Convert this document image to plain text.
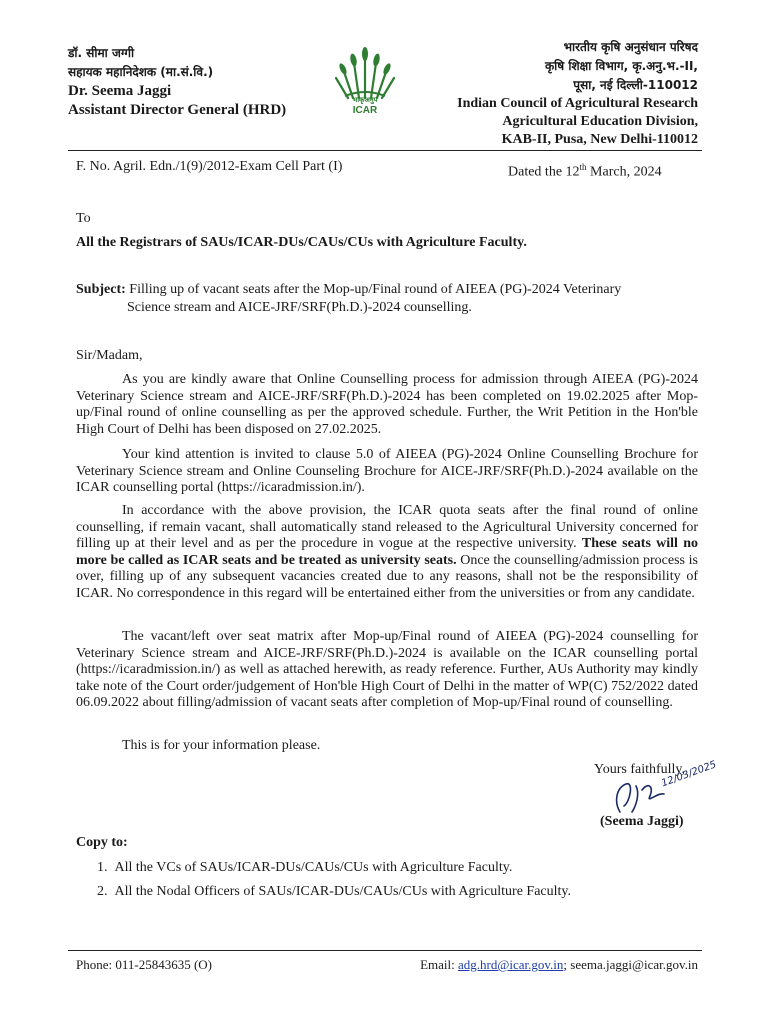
डॉ. सीमा जग्गी
सहायक महानिदेशक (मा.सं.वि.)
Dr. Seema Jaggi
Assistant Director General (HRD)
भाकृअनुप
ICAR
भारतीय कृषि अनुसंधान परिषद
कृषि शिक्षा विभाग, कृ.अनु.भ.-II,
पूसा, नई दिल्ली-110012
Indian Council of Agricultural Research
Agricultural Education Division,
KAB-II, Pusa, New Delhi-110012
F. No. Agril. Edn./1(9)/2012-Exam Cell Part (I)	Dated the 12th March, 2024
To
All the Registrars of SAUs/ICAR-DUs/CAUs/CUs with Agriculture Faculty.
Subject: Filling up of vacant seats after the Mop-up/Final round of AIEEA (PG)-2024 Veterinary
Science stream and AICE-JRF/SRF(Ph.D.)-2024 counselling.
Sir/Madam,
As you are kindly aware that Online Counselling process for admission through AIEEA (PG)-2024 Veterinary Science stream and AICE-JRF/SRF(Ph.D.)-2024 has been completed on 19.02.2025 after Mop-up/Final round of online counselling as per the approved schedule. Further, the Writ Petition in the Hon'ble High Court of Delhi has been disposed on 27.02.2025.
Your kind attention is invited to clause 5.0 of AIEEA (PG)-2024 Online Counselling Brochure for Veterinary Science stream and Online Counseling Brochure for AICE-JRF/SRF(Ph.D.)-2024 available on the ICAR counselling portal (https://icaradmission.in/).
In accordance with the above provision, the ICAR quota seats after the final round of online counselling, if remain vacant, shall automatically stand released to the Agricultural University concerned for filling up at their level and as per the procedure in vogue at the respective university. These seats will no more be called as ICAR seats and be treated as university seats. Once the counselling/admission process is over, filling up of any subsequent vacancies created due to any reasons, shall not be the responsibility of ICAR. No correspondence in this regard will be entertained either from the universities or from any candidate.
The vacant/left over seat matrix after Mop-up/Final round of AIEEA (PG)-2024 counselling for Veterinary Science stream and AICE-JRF/SRF(Ph.D.)-2024 is available on the ICAR counselling portal (https://icaradmission.in/) as well as attached herewith, as ready reference. Further, AUs Authority may kindly take note of the Court order/judgement of Hon'ble High Court of Delhi in the matter of WP(C) 752/2022 dated 06.09.2022 about filling/admission of vacant seats after completion of Mop-up/Final round of counselling.
This is for your information please.
Yours faithfully,
12/03/2025
(Seema Jaggi)
Copy to:
1.  All the VCs of SAUs/ICAR-DUs/CAUs/CUs with Agriculture Faculty.
2.  All the Nodal Officers of SAUs/ICAR-DUs/CAUs/CUs with Agriculture Faculty.
Phone: 011-25843635 (O)	Email: adg.hrd@icar.gov.in; seema.jaggi@icar.gov.in
